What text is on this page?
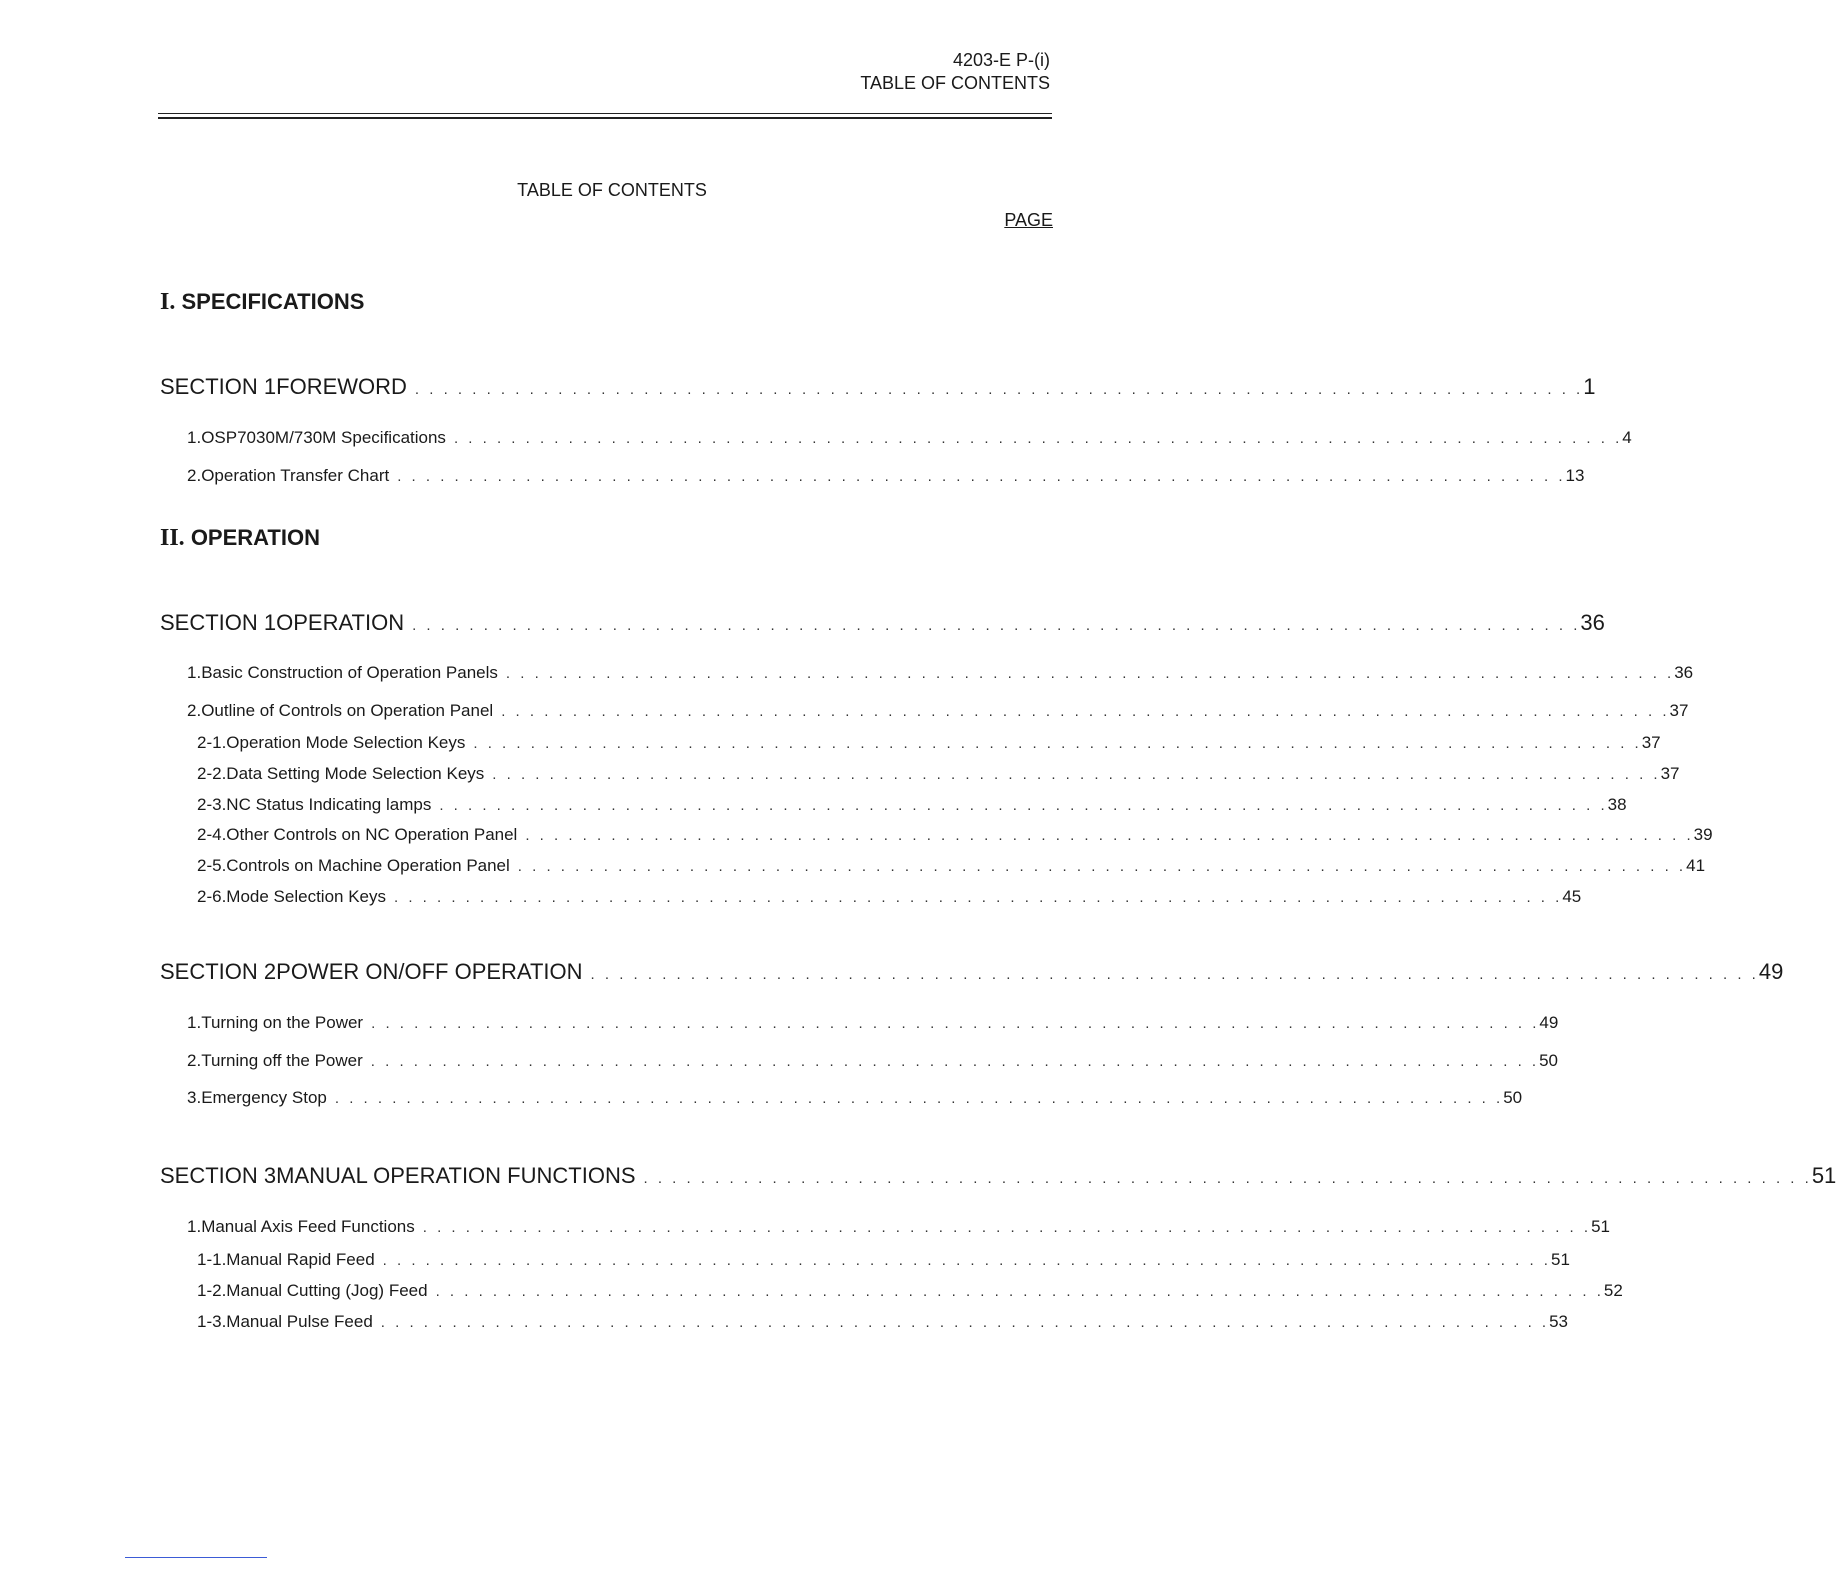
4203-E P-(i)
TABLE OF CONTENTS
TABLE OF CONTENTS
PAGE
I. SPECIFICATIONS
SECTION 1 FOREWORD . . . . . . . . . . . . . . . . . . . . . . . . . . . . . . . . . . . . . . . . . . . . . . . . . . . . . . . . . . . . . . . . . . . . . . . . . . . . . . . . . . 1
1. OSP7030M/730M Specifications . . . . . . . . . . . . . . . . . . . . . . . . . . . . . . . . . . . . . . . . . . . . . . . . . . . . . . . . . . . . . . . . . . . . . . . . . . . . . . . . . . 4
2. Operation Transfer Chart . . . . . . . . . . . . . . . . . . . . . . . . . . . . . . . . . . . . . . . . . . . . . . . . . . . . . . . . . . . . . . . . . . . . . . . . . . . . . . . . . . 13
II. OPERATION
SECTION 1 OPERATION . . . . . . . . . . . . . . . . . . . . . . . . . . . . . . . . . . . . . . . . . . . . . . . . . . . . . . . . . . . . . . . . . . . . . . . . . . . . . . . . . . 36
1. Basic Construction of Operation Panels . . . . . . . . . . . . . . . . . . . . . . . . . . . . . . . . . . . . . . . . . . . . . . . . . . . . . . . . . . . . . . . . . . . . . . . . . . . . . . . . . . 36
2. Outline of Controls on Operation Panel . . . . . . . . . . . . . . . . . . . . . . . . . . . . . . . . . . . . . . . . . . . . . . . . . . . . . . . . . . . . . . . . . . . . . . . . . . . . . . . . . . 37
2-1. Operation Mode Selection Keys . . . . . . . . . . . . . . . . . . . . . . . . . . . . . . . . . . . . . . . . . . . . . . . . . . . . . . . . . . . . . . . . . . . . . . . . . . . . . . . . . . 37
2-2. Data Setting Mode Selection Keys . . . . . . . . . . . . . . . . . . . . . . . . . . . . . . . . . . . . . . . . . . . . . . . . . . . . . . . . . . . . . . . . . . . . . . . . . . . . . . . . . . 37
2-3. NC Status Indicating lamps . . . . . . . . . . . . . . . . . . . . . . . . . . . . . . . . . . . . . . . . . . . . . . . . . . . . . . . . . . . . . . . . . . . . . . . . . . . . . . . . . . 38
2-4. Other Controls on NC Operation Panel . . . . . . . . . . . . . . . . . . . . . . . . . . . . . . . . . . . . . . . . . . . . . . . . . . . . . . . . . . . . . . . . . . . . . . . . . . . . . . . . . . 39
2-5. Controls on Machine Operation Panel . . . . . . . . . . . . . . . . . . . . . . . . . . . . . . . . . . . . . . . . . . . . . . . . . . . . . . . . . . . . . . . . . . . . . . . . . . . . . . . . . . 41
2-6. Mode Selection Keys . . . . . . . . . . . . . . . . . . . . . . . . . . . . . . . . . . . . . . . . . . . . . . . . . . . . . . . . . . . . . . . . . . . . . . . . . . . . . . . . . . 45
SECTION 2 POWER ON/OFF OPERATION . . . . . . . . . . . . . . . . . . . . . . . . . . . . . . . . . . . . . . . . . . . . . . . . . . . . . . . . . . . . . . . . . . . . . . . . . . . . . . . . . . 49
1. Turning on the Power . . . . . . . . . . . . . . . . . . . . . . . . . . . . . . . . . . . . . . . . . . . . . . . . . . . . . . . . . . . . . . . . . . . . . . . . . . . . . . . . . . 49
2. Turning off the Power . . . . . . . . . . . . . . . . . . . . . . . . . . . . . . . . . . . . . . . . . . . . . . . . . . . . . . . . . . . . . . . . . . . . . . . . . . . . . . . . . . 50
3. Emergency Stop . . . . . . . . . . . . . . . . . . . . . . . . . . . . . . . . . . . . . . . . . . . . . . . . . . . . . . . . . . . . . . . . . . . . . . . . . . . . . . . . . . 50
SECTION 3 MANUAL OPERATION FUNCTIONS . . . . . . . . . . . . . . . . . . . . . . . . . . . . . . . . . . . . . . . . . . . . . . . . . . . . . . . . . . . . . . . . . . . . . . . . . . . . . . . . . . 51
1. Manual Axis Feed Functions . . . . . . . . . . . . . . . . . . . . . . . . . . . . . . . . . . . . . . . . . . . . . . . . . . . . . . . . . . . . . . . . . . . . . . . . . . . . . . . . . . 51
1-1. Manual Rapid Feed . . . . . . . . . . . . . . . . . . . . . . . . . . . . . . . . . . . . . . . . . . . . . . . . . . . . . . . . . . . . . . . . . . . . . . . . . . . . . . . . . . 51
1-2. Manual Cutting (Jog) Feed . . . . . . . . . . . . . . . . . . . . . . . . . . . . . . . . . . . . . . . . . . . . . . . . . . . . . . . . . . . . . . . . . . . . . . . . . . . . . . . . . . 52
1-3. Manual Pulse Feed . . . . . . . . . . . . . . . . . . . . . . . . . . . . . . . . . . . . . . . . . . . . . . . . . . . . . . . . . . . . . . . . . . . . . . . . . . . . . . . . . . 53
